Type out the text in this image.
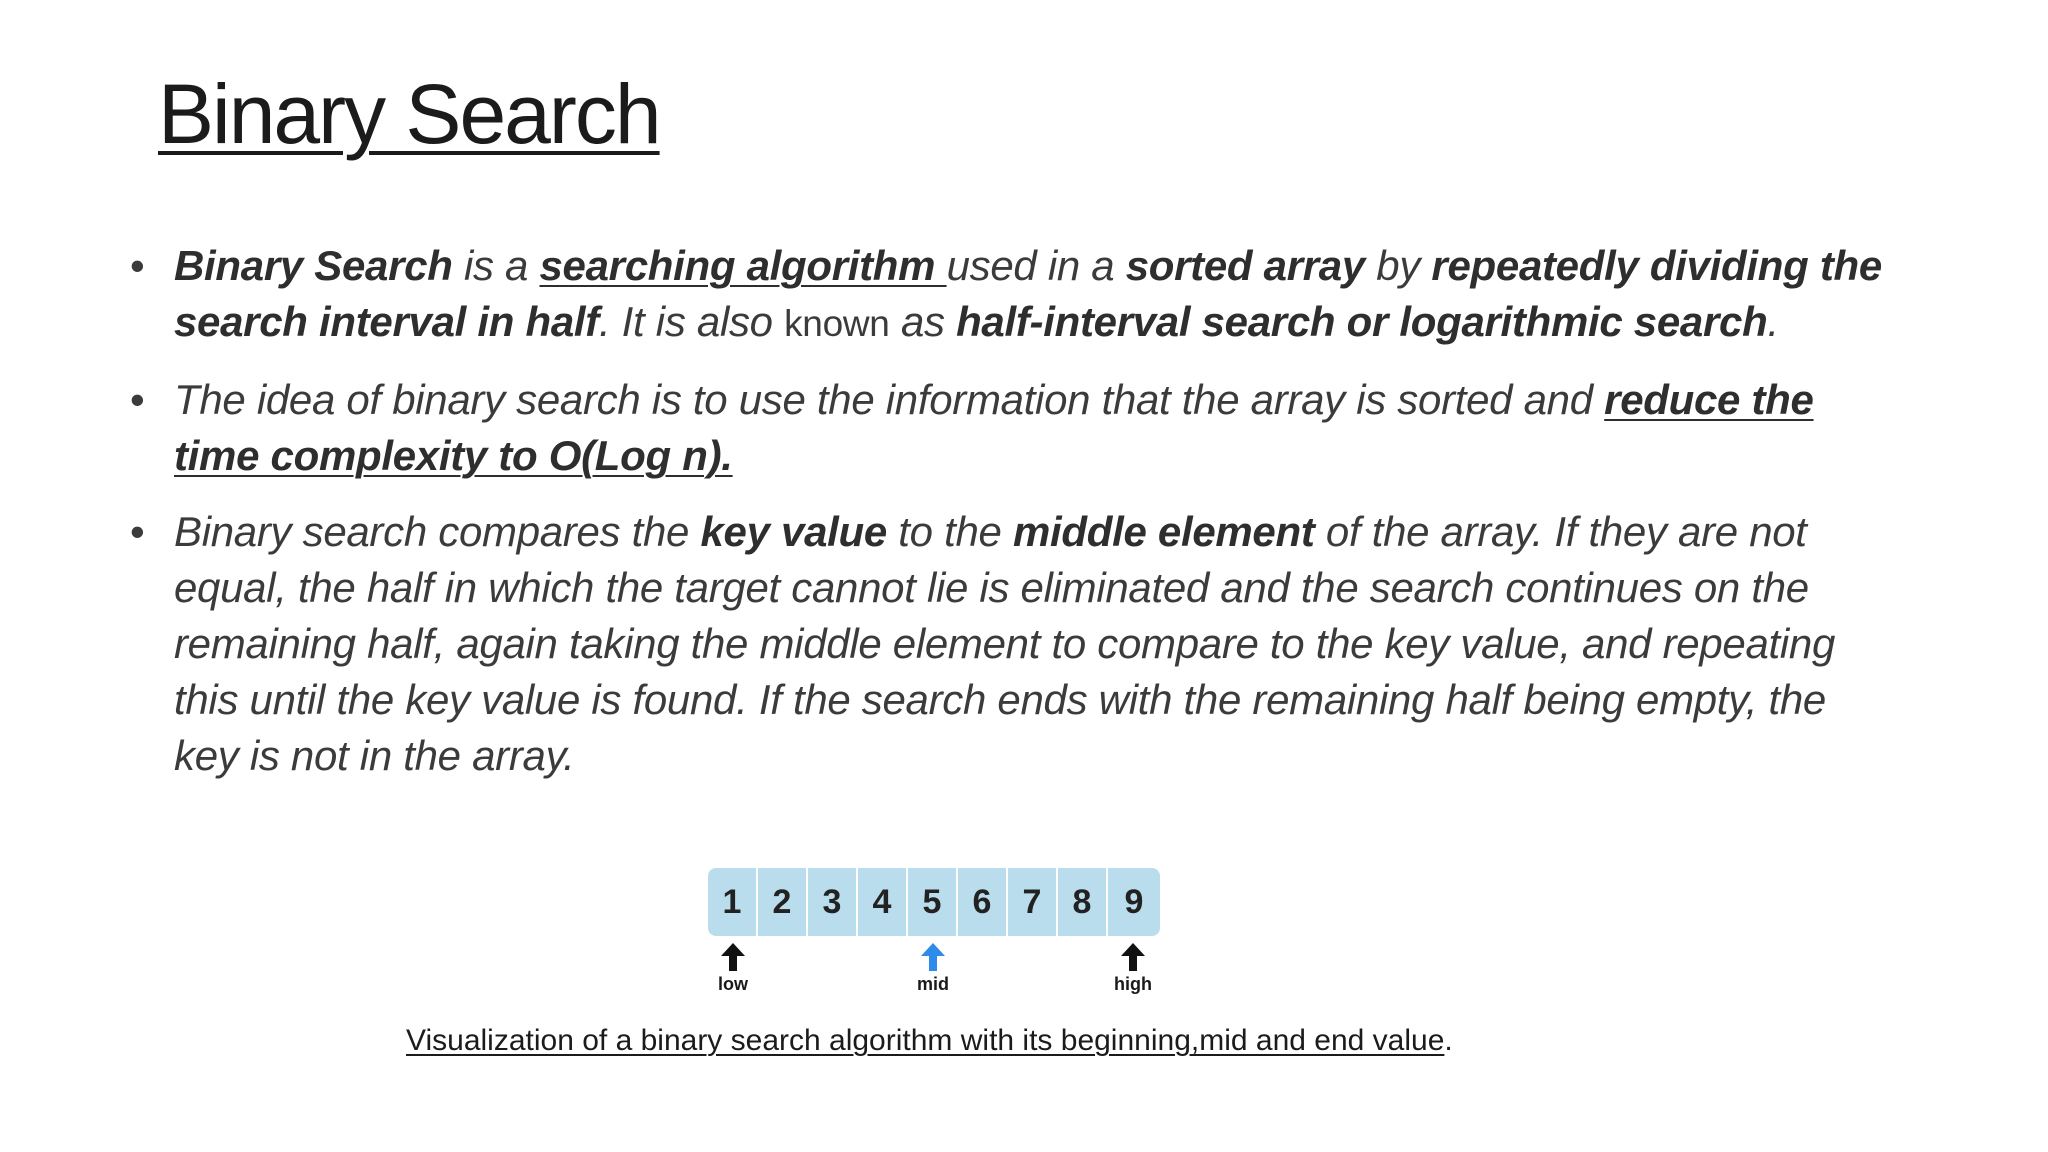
Binary Search
• Binary Search is a searching algorithm used in a sorted array by repeatedly dividing the search interval in half. It is also known as half-interval search or logarithmic search.
• The idea of binary search is to use the information that the array is sorted and reduce the time complexity to O(Log n).
• Binary search compares the key value to the middle element of the array. If they are not equal, the half in which the target cannot lie is eliminated and the search continues on the remaining half, again taking the middle element to compare to the key value, and repeating this until the key value is found. If the search ends with the remaining half being empty, the key is not in the array.
1 2 3 4 5 6 7 8 9
low	mid	high

Visualization of a binary search algorithm with its beginning,mid and end value.
